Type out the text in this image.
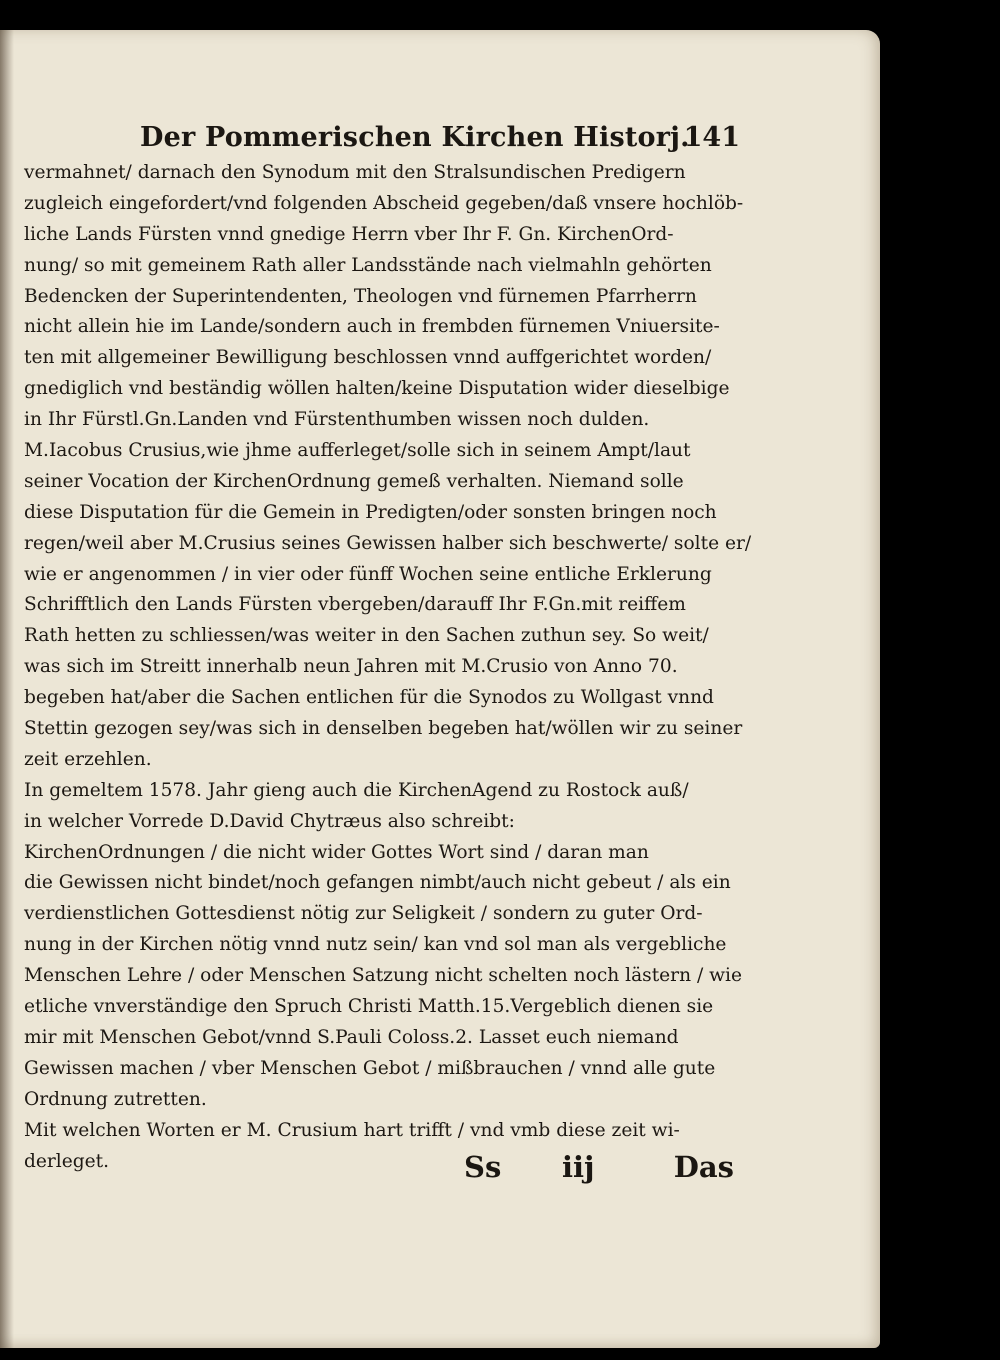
Der Pommerischen Kirchen Historj.
141
vermahnet/ darnach den Synodum mit den Stralsundischen Predigern
zugleich eingefordert/vnd folgenden Abscheid gegeben/daß vnsere hochlöb-
liche Lands Fürsten vnnd gnedige Herrn vber Ihr F. Gn. KirchenOrd-
nung/ so mit gemeinem Rath aller Landsstände nach vielmahln gehörten
Bedencken der Superintendenten, Theologen vnd fürnemen Pfarrherrn
nicht allein hie im Lande/sondern auch in frembden fürnemen Vniuersite-
ten mit allgemeiner Bewilligung beschlossen vnnd auffgerichtet worden/
gnediglich vnd beständig wöllen halten/keine Disputation wider dieselbige
in Ihr Fürstl.Gn.Landen vnd Fürstenthumben wissen noch dulden.
M.Iacobus Crusius,wie jhme aufferleget/solle sich in seinem Ampt/laut
seiner Vocation der KirchenOrdnung gemeß verhalten. Niemand solle
diese Disputation für die Gemein in Predigten/oder sonsten bringen noch
regen/weil aber M.Crusius seines Gewissen halber sich beschwerte/ solte er/
wie er angenommen / in vier oder fünff Wochen seine entliche Erklerung
Schrifftlich den Lands Fürsten vbergeben/darauff Ihr F.Gn.mit reiffem
Rath hetten zu schliessen/was weiter in den Sachen zuthun sey. So weit/
was sich im Streitt innerhalb neun Jahren mit M.Crusio von Anno 70.
begeben hat/aber die Sachen entlichen für die Synodos zu Wollgast vnnd
Stettin gezogen sey/was sich in denselben begeben hat/wöllen wir zu seiner
zeit erzehlen.
In gemeltem 1578. Jahr gieng auch die KirchenAgend zu Rostock auß/
in welcher Vorrede D.David Chytræus also schreibt:
KirchenOrdnungen / die nicht wider Gottes Wort sind / daran man
die Gewissen nicht bindet/noch gefangen nimbt/auch nicht gebeut / als ein
verdienstlichen Gottesdienst nötig zur Seligkeit / sondern zu guter Ord-
nung in der Kirchen nötig vnnd nutz sein/ kan vnd sol man als vergebliche
Menschen Lehre / oder Menschen Satzung nicht schelten noch lästern / wie
etliche vnverständige den Spruch Christi Matth.15.Vergeblich dienen sie
mir mit Menschen Gebot/vnnd S.Pauli Coloss.2. Lasset euch niemand
Gewissen machen / vber Menschen Gebot / mißbrauchen / vnnd alle gute
Ordnung zutretten.
Mit welchen Worten er M. Crusium hart trifft / vnd vmb diese zeit wi-
derleget.	Ss iij	Das
